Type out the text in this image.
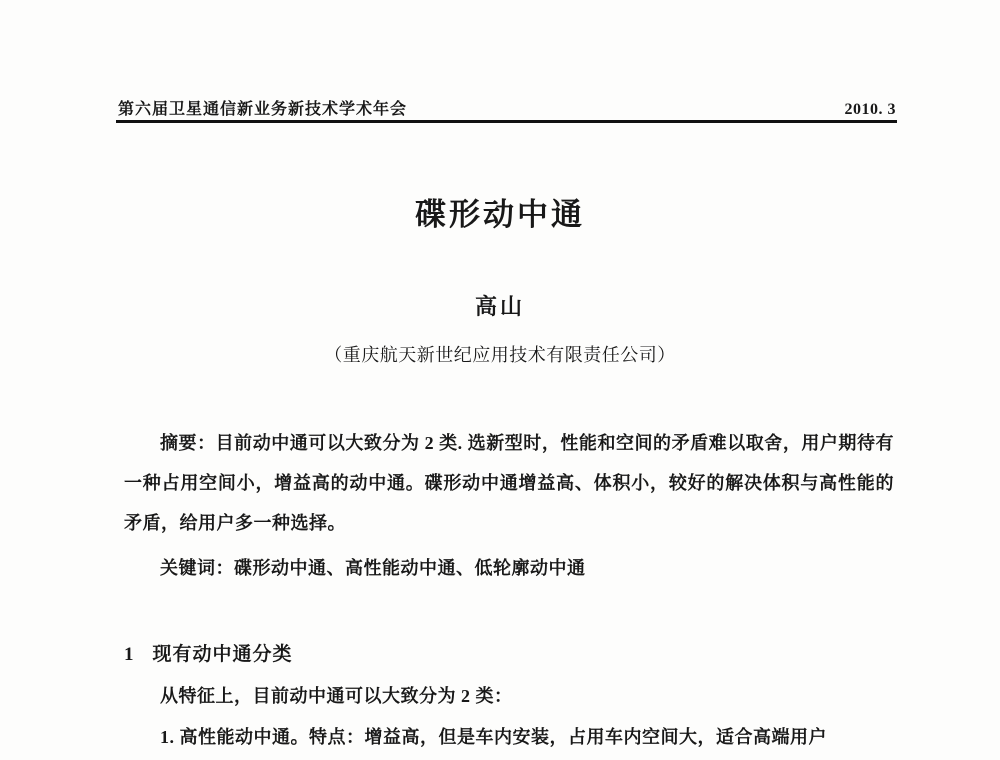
第六届卫星通信新业务新技术学术年会	2010. 3
碟形动中通
高山
（重庆航天新世纪应用技术有限责任公司）

摘要：目前动中通可以大致分为 2 类. 选新型时，性能和空间的矛盾难以取舍，用户期待有一种占用空间小，增益高的动中通。碟形动中通增益高、体积小，较好的解决体积与高性能的矛盾，给用户多一种选择。

关键词：碟形动中通、高性能动中通、低轮廓动中通

1 现有动中通分类

从特征上，目前动中通可以大致分为 2 类：

1. 高性能动中通。特点：增益高，但是车内安装，占用车内空间大，适合高端用户
